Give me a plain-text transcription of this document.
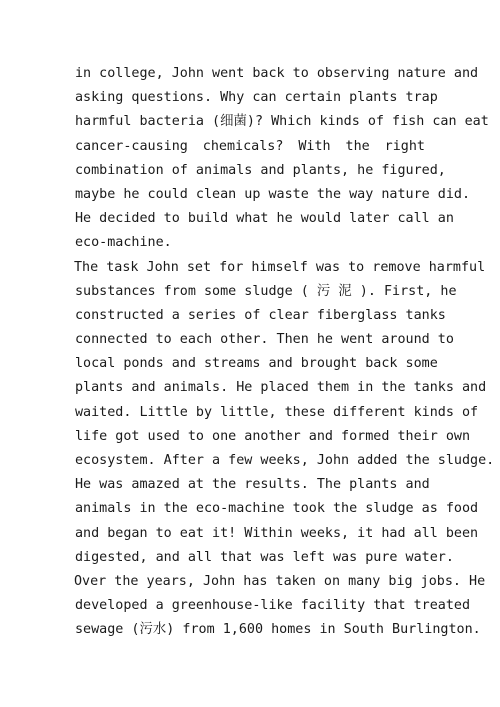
in college, John went back to observing nature and
asking questions. Why can certain plants trap
harmful bacteria (细菌)? Which kinds of fish can eat
cancer-causing chemicals? With the right
combination of animals and plants, he figured,
maybe he could clean up waste the way nature did.
He decided to build what he would later call an
eco-machine.
The task John set for himself was to remove harmful
substances from some sludge ( 污 泥 ). First, he
constructed a series of clear fiberglass tanks
connected to each other. Then he went around to
local ponds and streams and brought back some
plants and animals. He placed them in the tanks and
waited. Little by little, these different kinds of
life got used to one another and formed their own
ecosystem. After a few weeks, John added the sludge.
He was amazed at the results. The plants and
animals in the eco-machine took the sludge as food
and began to eat it! Within weeks, it had all been
digested, and all that was left was pure water.
Over the years, John has taken on many big jobs. He
developed a greenhouse-like facility that treated
sewage (污水) from 1,600 homes in South Burlington.
